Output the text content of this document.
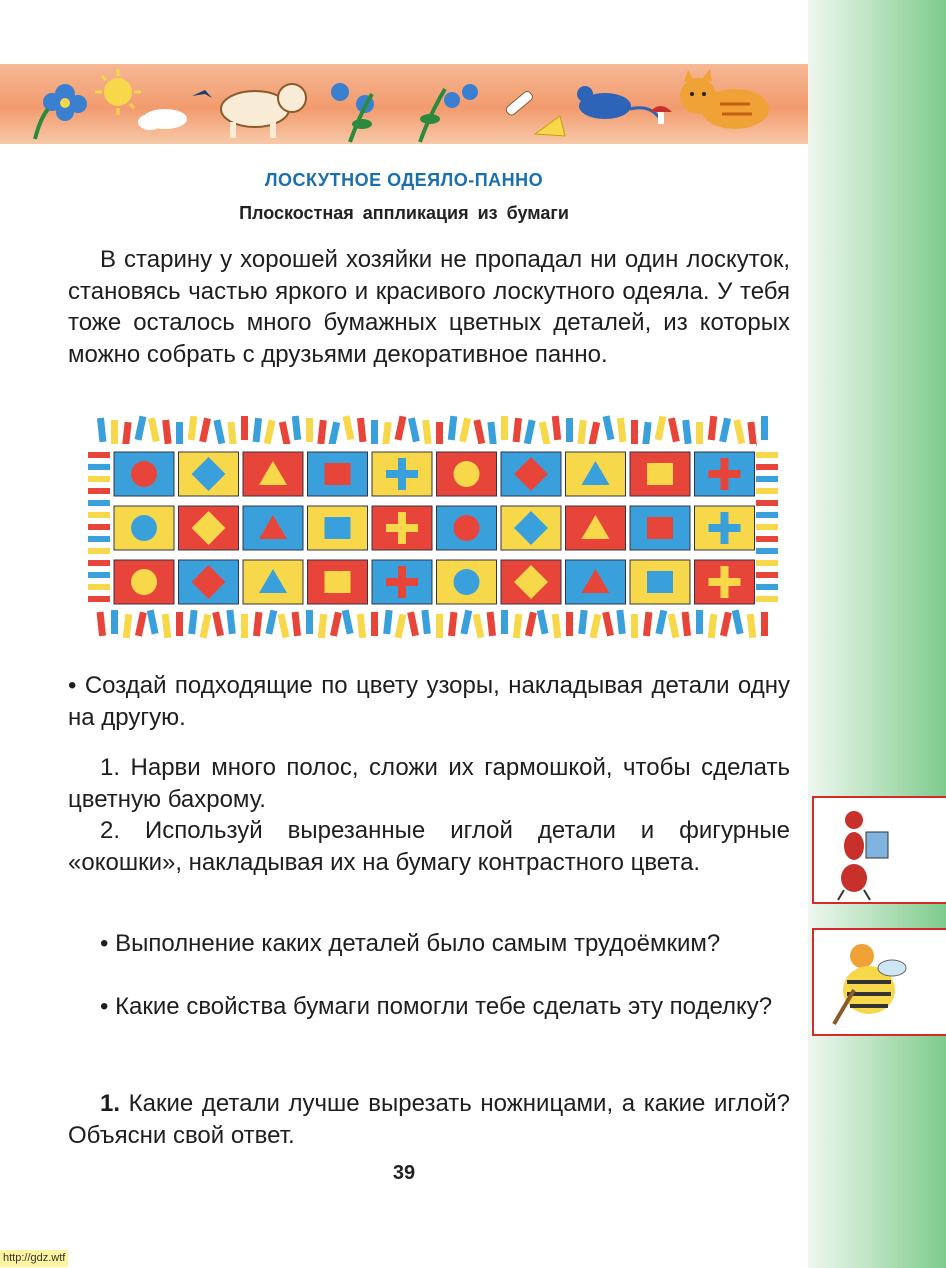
ЛОСКУТНОЕ ОДЕЯЛО-ПАННО
Плоскостная аппликация из бумаги
В старину у хорошей хозяйки не пропадал ни один лоскуток, становясь частью яркого и красивого лоскутного одеяла. У тебя тоже осталось много бумажных цветных деталей, из которых можно собрать с друзьями декоративное панно.
• Создай подходящие по цвету узоры, накладывая детали одну на другую.
1. Нарви много полос, сложи их гармошкой, чтобы сделать цветную бахрому.
2. Используй вырезанные иглой детали и фигурные «окошки», накладывая их на бумагу контрастного цвета.
• Выполнение каких деталей было самым трудоёмким?
• Какие свойства бумаги помогли тебе сделать эту поделку?
1. Какие детали лучше вырезать ножницами, а какие иглой? Объясни свой ответ.
39
http://gdz.wtf
